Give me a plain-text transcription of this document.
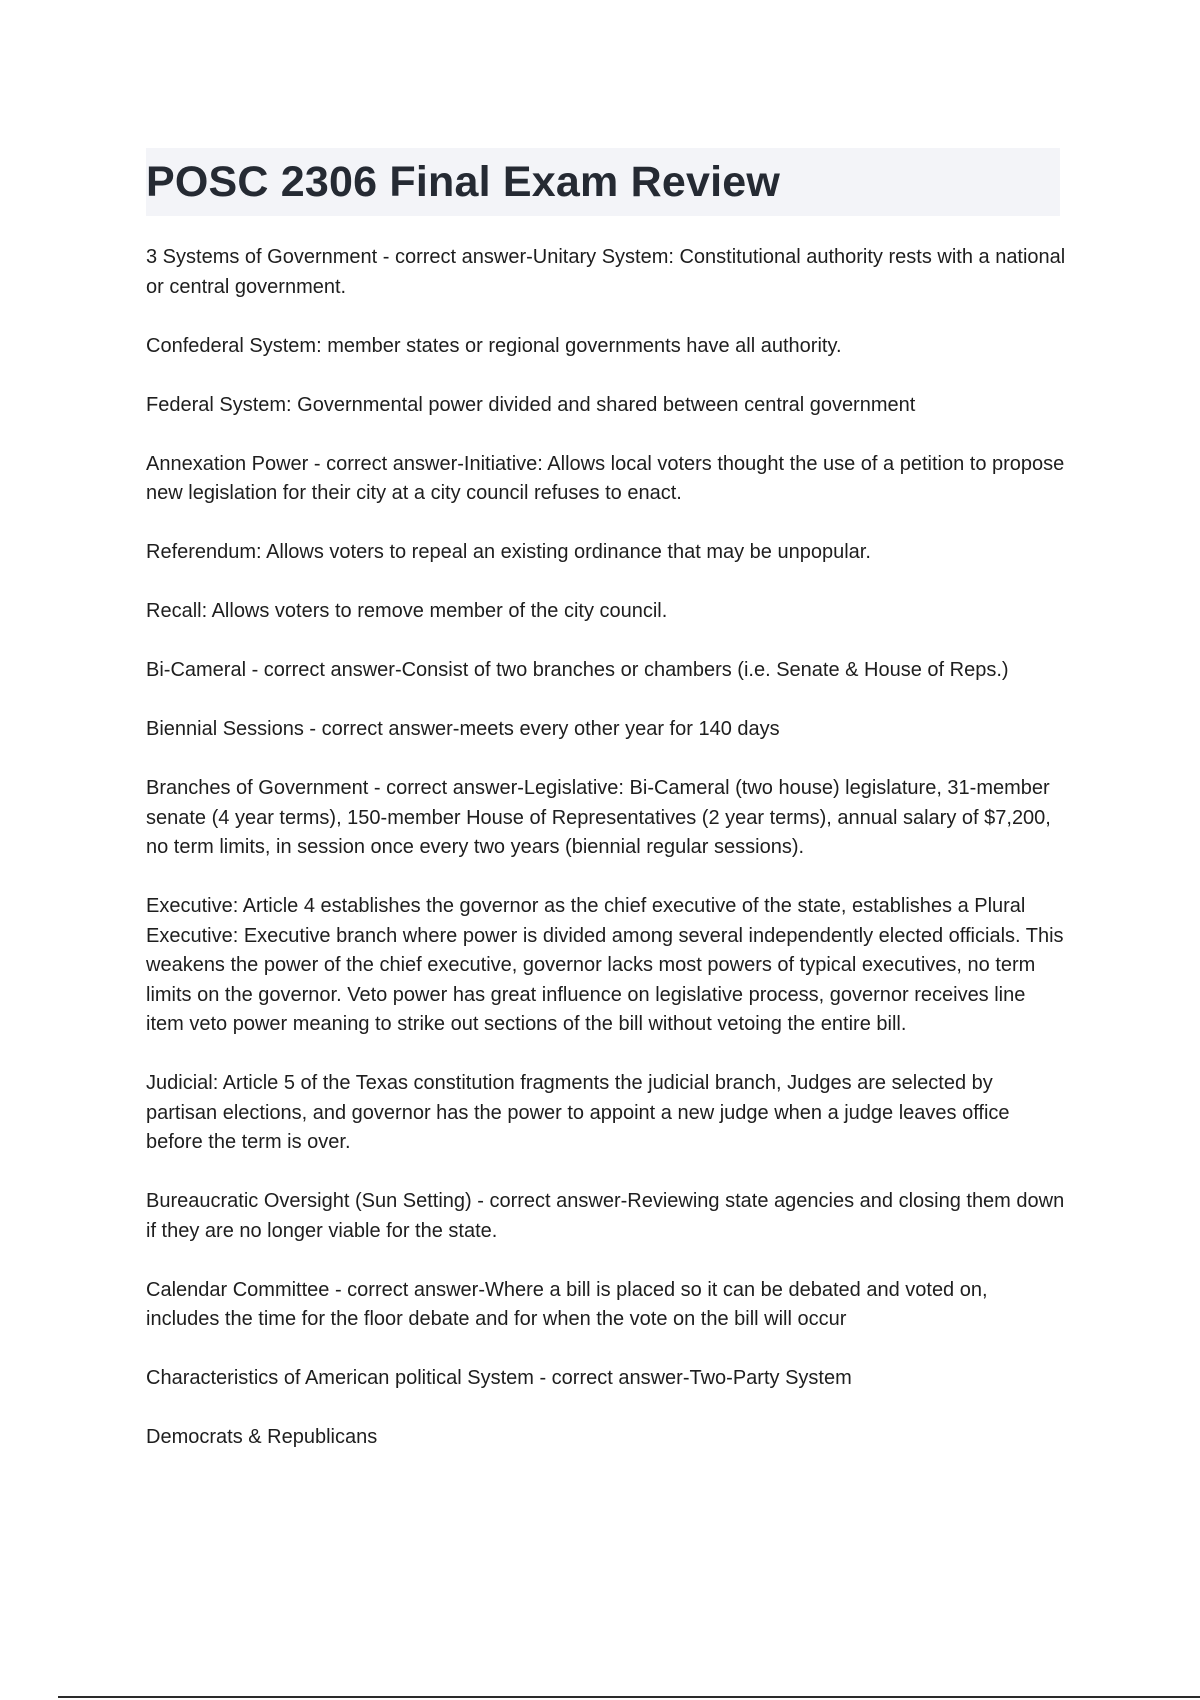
POSC 2306 Final Exam Review

3 Systems of Government - correct answer-Unitary System: Constitutional authority rests with a national or central government.

Confederal System: member states or regional governments have all authority.

Federal System: Governmental power divided and shared between central government

Annexation Power - correct answer-Initiative: Allows local voters thought the use of a petition to propose new legislation for their city at a city council refuses to enact.

Referendum: Allows voters to repeal an existing ordinance that may be unpopular.

Recall: Allows voters to remove member of the city council.

Bi-Cameral - correct answer-Consist of two branches or chambers (i.e. Senate & House of Reps.)

Biennial Sessions - correct answer-meets every other year for 140 days

Branches of Government - correct answer-Legislative: Bi-Cameral (two house) legislature, 31-member senate (4 year terms), 150-member House of Representatives (2 year terms), annual salary of $7,200, no term limits, in session once every two years (biennial regular sessions).

Executive: Article 4 establishes the governor as the chief executive of the state, establishes a Plural Executive: Executive branch where power is divided among several independently elected officials. This weakens the power of the chief executive, governor lacks most powers of typical executives, no term limits on the governor. Veto power has great influence on legislative process, governor receives line item veto power meaning to strike out sections of the bill without vetoing the entire bill.

Judicial: Article 5 of the Texas constitution fragments the judicial branch, Judges are selected by partisan elections, and governor has the power to appoint a new judge when a judge leaves office before the term is over.

Bureaucratic Oversight (Sun Setting) - correct answer-Reviewing state agencies and closing them down if they are no longer viable for the state.

Calendar Committee - correct answer-Where a bill is placed so it can be debated and voted on, includes the time for the floor debate and for when the vote on the bill will occur

Characteristics of American political System - correct answer-Two-Party System

Democrats & Republicans
